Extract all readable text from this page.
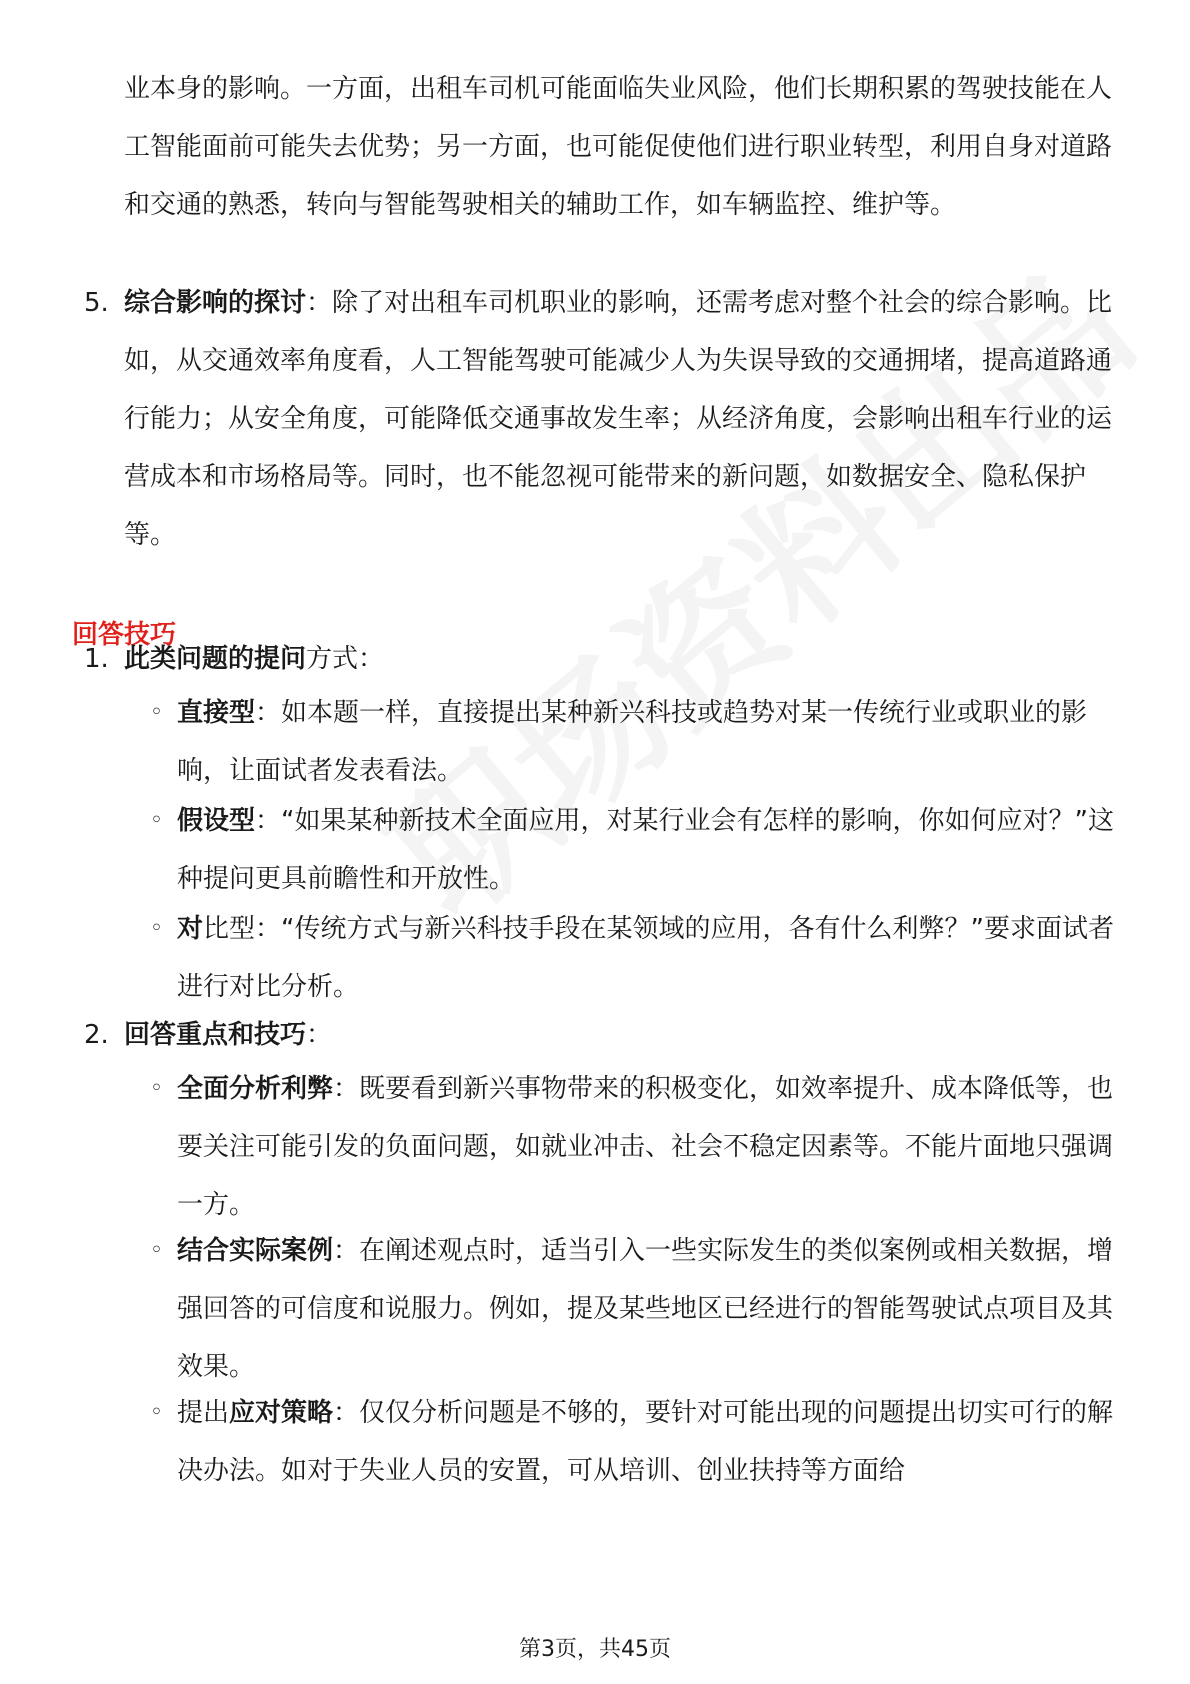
业本身的影响。一方面，出租车司机可能面临失业风险，他们长期积累的驾驶技能在人工智能面前可能失去优势；另一方面，也可能促使他们进行职业转型，利用自身对道路和交通的熟悉，转向与智能驾驶相关的辅助工作，如车辆监控、维护等。

5. 综合影响的探讨：除了对出租车司机职业的影响，还需考虑对整个社会的综合影响。比如，从交通效率角度看，人工智能驾驶可能减少人为失误导致的交通拥堵，提高道路通行能力；从安全角度，可能降低交通事故发生率；从经济角度，会影响出租车行业的运营成本和市场格局等。同时，也不能忽视可能带来的新问题，如数据安全、隐私保护等。

回答技巧
1. 此类问题的提问方式：

◦ 直接型：如本题一样，直接提出某种新兴科技或趋势对某一传统行业或职业的影响，让面试者发表看法。

◦ 假设型：“如果某种新技术全面应用，对某行业会有怎样的影响，你如何应对？”这种提问更具前瞻性和开放性。

◦ 对比型：“传统方式与新兴科技手段在某领域的应用，各有什么利弊？”要求面试者进行对比分析。

2. 回答重点和技巧：

◦ 全面分析利弊：既要看到新兴事物带来的积极变化，如效率提升、成本降低等，也要关注可能引发的负面问题，如就业冲击、社会不稳定因素等。不能片面地只强调一方。

◦ 结合实际案例：在阐述观点时，适当引入一些实际发生的类似案例或相关数据，增强回答的可信度和说服力。例如，提及某些地区已经进行的智能驾驶试点项目及其效果。

◦ 提出应对策略：仅仅分析问题是不够的，要针对可能出现的问题提出切实可行的解决办法。如对于失业人员的安置，可从培训、创业扶持等方面给

第3页，共45页
